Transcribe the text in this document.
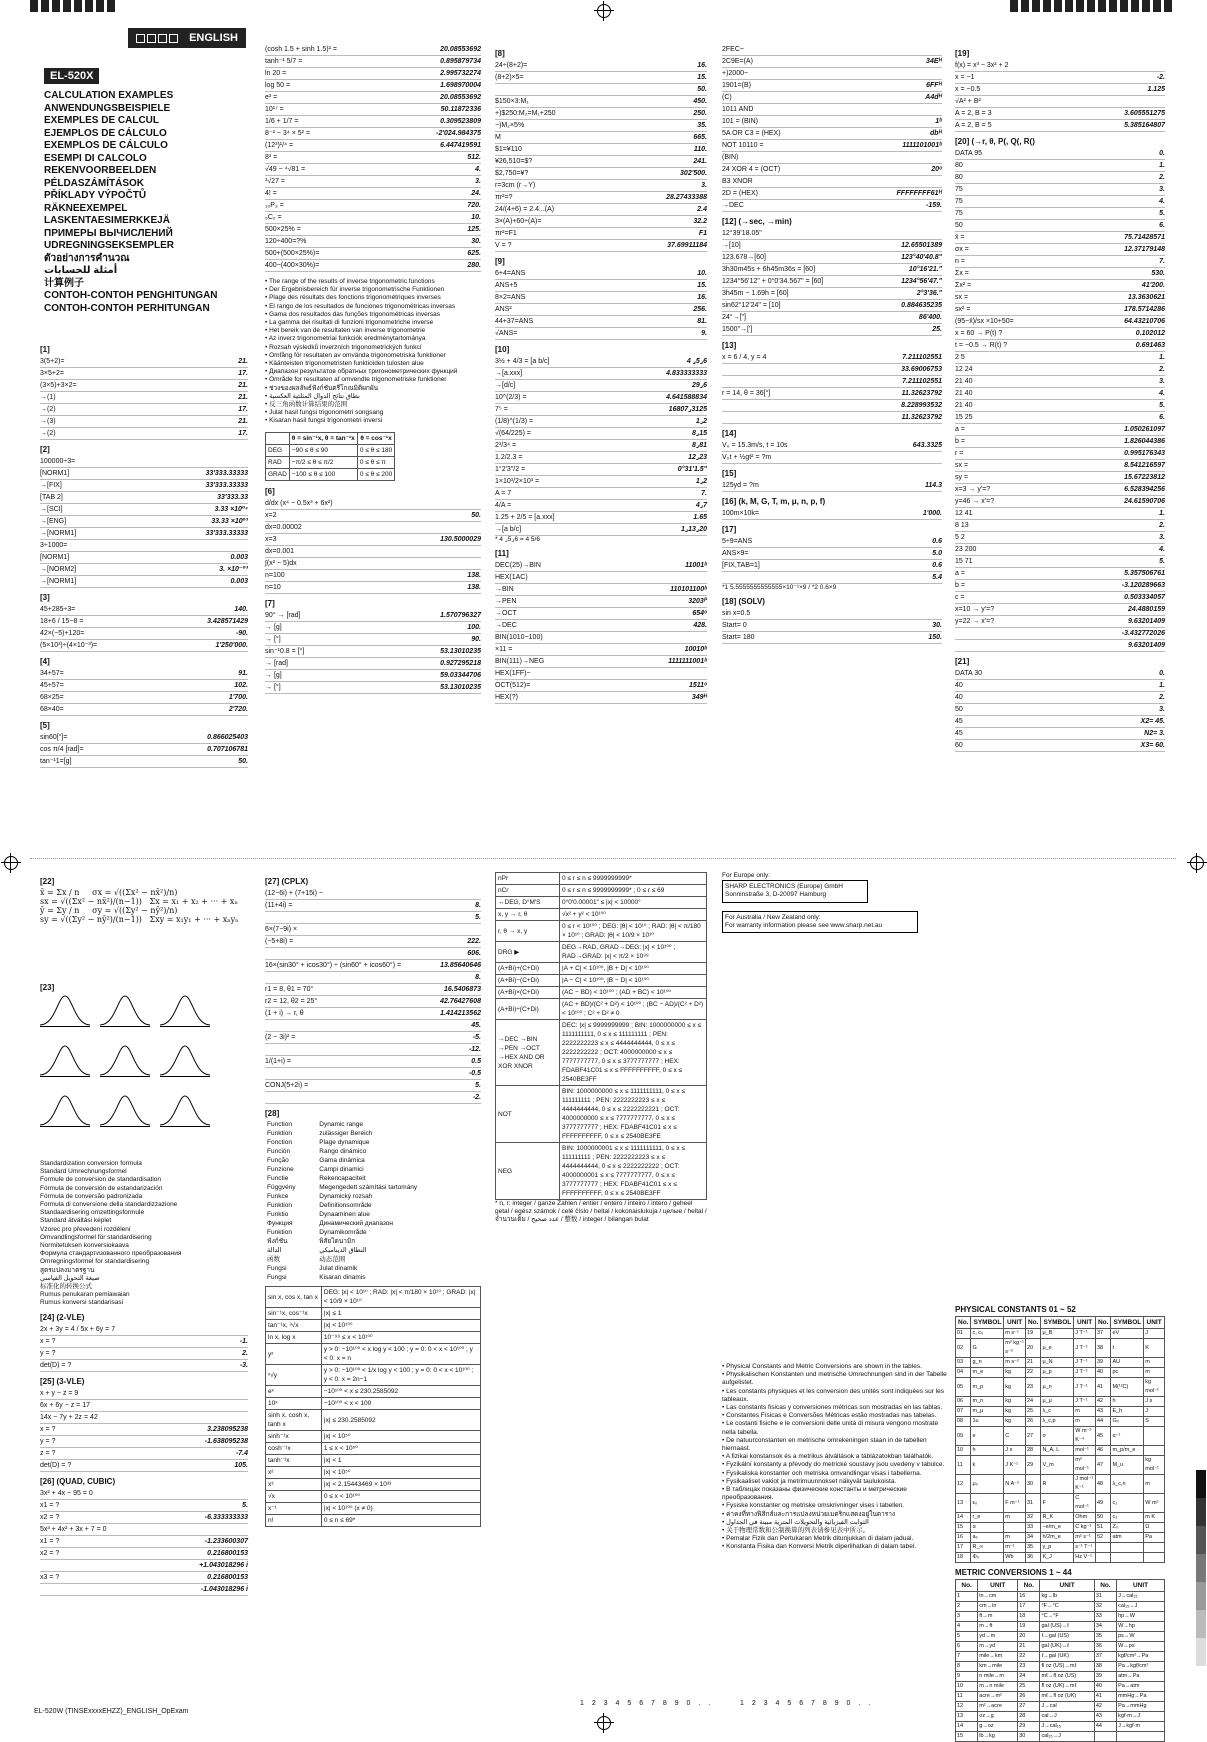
ENGLISH
EL-520X
CALCULATION EXAMPLES
ANWENDUNGSBEISPIELE
EXEMPLES DE CALCUL
EJEMPLOS DE CÁLCULO
EXEMPLOS DE CÁLCULO
ESEMPI DI CALCOLO
REKENVOORBEELDEN
PÉLDASZÁMÍTÁSOK
PŘÍKLADY VÝPOČTŮ
RÄKNEEXEMPEL
LASKENTAESIMERKKEJÄ
ПРИМЕРЫ ВЫЧИСЛЕНИЙ
UDREGNINGSEKSEMPLER
ตัวอย่างการคำนวณ
أمثلة للحسابات
计算例子
CONTOH-CONTOH PENGHITUNGAN
CONTOH-CONTOH PERHITUNGAN
[1]
3(5+2)=	21.
3×5+2=	17.
(3×5)+3×2=	21.
→(1)	21.
→(2)	17.
→(3)	21.
→(2)	17.
[2]
100000÷3=
[NORM1]	33'333.33333
→[FIX]	33'333.33333
[TAB 2]	33'333.33
→[SCI]	3.33 ×10⁰⁴
→[ENG]	33.33 ×10⁰³
→[NORM1]	33'333.33333
3÷1000=
[NORM1]	0.003
→[NORM2]	3. ×10⁻⁰³
→[NORM1]	0.003
[3]
45+285÷3=	140.
18+6 / 15−8 =	3.428571429
42×(−5)+120=	-90.
(5×10³)÷(4×10⁻³)=	1'250'000.
[4]
34+57=	91.
45+57=	102.
68×25=	1'700.
68×40=	2'720.
[5]
sin60[°]=	0.866025403
cos π/4 [rad]=	0.707106781
tan⁻¹1=[g]	50.
(cosh 1.5 + sinh 1.5)² =	20.08553692
tanh⁻¹ 5/7 =	0.895879734
ln 20 =	2.995732274
log 50 =	1.698970004
e³ =	20.08553692
10¹⁷ =	50.11872336
1/6 + 1/7 =	0.309523809
8⁻² − 3⁴ × 5² =	-2'024.984375
(12³)¹/⁴ =	6.447419591
8³ =	512.
√49 − ⁴√81 =	4.
³√27 =	3.
4! =	24.
₁₀P₃ =	720.
₅C₂ =	10.
500×25% =	125.
120÷400=?%	30.
500+(500×25%)=	625.
400−(400×30%)=	280.
• The range of the results of inverse trigonometric functions
• Der Ergebnisbereich für inverse trigonometrische Funktionen
• Plage des résultats des fonctions trigonométriques inverses
• El rango de los resultados de funciones trigonométricas inversas
• Gama dos resultados das funções trigonométricas inversas
• La gamma dei risultati di funzioni trigonometriche inverse
• Het bereik van de resultaten van inverse trigonometrie
• Az inverz trigonometriai funkciók eredménytartománya
• Rozsah výsledků inverzních trigonometrických funkcí
• Omfång för resultaten av omvända trigonometriska funktioner
• Käänteisten trigonometristen funktioiden tulosten alue
• Диапазон результатов обратных тригонометрических функций
• Område for resultaten af omvendte trigonometriske funktioner
• ช่วงของผลลัพธ์ฟังก์ชันตรีโกณมิติผกผัน
• نطاق نتائج الدوال المثلثية العكسية
• 反三角函数计算结果的范围
• Julat hasil fungsi trigonometri songsang
• Kisaran hasil fungsi trigonometri inversi
	θ = sin⁻¹x, θ = tan⁻¹x	θ = cos⁻¹x
DEG	−90 ≤ θ ≤ 90	0 ≤ θ ≤ 180
RAD	−π/2 ≤ θ ≤ π/2	0 ≤ θ ≤ π
GRAD	−100 ≤ θ ≤ 100	0 ≤ θ ≤ 200
[6]
d/dx (x⁴ − 0.5x³ + 6x²)
x=2	50.
dx=0.00002
x=3	130.5000029
dx=0.001
∫(x² − 5)dx
n=100	138.
n=10	138.
[7]
90° → [rad]	1.570796327
→ [g]	100.
→ [°]	90.
sin⁻¹0.8 = [°]	53.13010235
→ [rad]	0.927295218
→ [g]	59.03344706
→ [°]	53.13010235
[8]
24÷(8+2)=	16.
(8+2)×5=	15.
50.
$150×3:M₁	450.
+)$250:M₂=M₁+250	250.
−)M₂×5%	35.
M	665.
$1=¥110	110.
¥26,510=$?	241.
$2,750=¥?	302'500.
r=3cm (r→Y)	3.
πr²=?	28.27433388
24/(4+6) = 2.4...(A)	2.4
3×(A)+60÷(A)=	32.2
πr²=F1	F1
V = ?	37.69911184
[9]
6+4=ANS	10.
ANS+5	15.
8×2=ANS	16.
ANS²	256.
44+37=ANS	81.
√ANS=	9.
[10]
3½ + 4/3 = [a b/c]	4 ⌟5⌟6
→[a.xxx]	4.833333333
→[d/c]	29⌟6
10^(2/3) =	4.641588834
7⁵ =	16807⌟3125
(1/8)^(1/3) =	1⌟2
√(64/225) =	8⌟15
2³/3⁴ =	8⌟81
1.2/2.3 =	12⌟23
1°2'3"/2 =	0°31'1.5"
1×10³/2×10³ =	1⌟2
A = 7	7.
4/A =	4⌟7
1.25 + 2/5 = [a.xxx]	1.65
→[a b/c]	1⌟13⌟20
* 4 ⌟5⌟6 = 4 5/6
[11]
DEC(25)→BIN	11001ᵇ
HEX(1AC)
→BIN	110101100ᵇ
→PEN	3203ᴾ
→OCT	654ᵒ
→DEC	428.
BIN(1010−100)
×11 =	10010ᵇ
BIN(111)→NEG	1111111001ᵇ
HEX(1FF)−
OCT(512)=	1511ᵒ
HEX(?)	349ᴴ
2FEC−
2C9E=(A)	34Eᴴ
+)2000−
1901=(B)	6FFᴴ
(C)	A4dᴴ
1011 AND
101 = (BIN)	1ᵇ
5A OR C3 = (HEX)	dbᴴ
NOT 10110 =	1111101001ᵇ
(BIN)
24 XOR 4 = (OCT)	20ᵒ
B3 XNOR
2D = (HEX)	FFFFFFFF61ᴴ
→DEC	-159.
[12] (→sec, →min)
12°39'18.05"
→[10]	12.65501389
123.678→[60]	123°40'40.8"
3h30m45s + 6h45m36s = [60]	10°16'21."
1234°56'12" + 0°0'34.567" = [60]	1234°56'47."
3h45m − 1.69h = [60]	2°3'36."
sin62°12'24" = [10]	0.884635235
24°→["]	86'400.
1500"→[']	25.
[13]
x = 6 / 4, y = 4	7.211102551
33.69006753
7.211102551
r = 14, θ = 36[°]	11.32623792
8.228993532
11.32623792
[14]
V₀ = 15.3m/s, t = 10s	643.3325
V₀t + ½gt² = ?m
[15]
125yd = ?m	114.3
[16] (k, M, G, T, m, μ, n, p, f)
100m×10k=	1'000.
[17]
5÷9=ANS	0.6
ANS×9=	5.0
[FIX,TAB=1]	0.6
5.4
*1 5.5555555555555×10⁻¹×9 / *2 0.6×9
[18] (SOLV)
sin x=0.5
Start= 0	30.
Start= 180	150.
[19]
f(x) = x³ − 3x² + 2
x = −1	-2.
x = −0.5	1.125
√A² + B²
A = 2, B = 3	3.605551275
A = 2, B = 5	5.385164807
[20] (→r, θ, P(, Q(, R()
DATA 95	0.
80	1.
80	2.
75	3.
75	4.
75	5.
50	6.
x̄ =	75.71428571
σx =	12.37179148
n =	7.
Σx =	530.
Σx² =	41'200.
sx =	13.3630621
sx² =	178.5714286
(95−x̄)/sx ×10+50=	64.43210706
x = 60 → P(t) ?	0.102012
t = −0.5 → R(t) ?	0.691463
2 5	1.
12 24	2.
21 40	3.
21 40	4.
21 40	5.
15 25	6.
a =	1.050261097
b =	1.826044386
r =	0.995176343
sx =	8.541216597
sy =	15.67223812
x=3 → y'=?	6.528394256
y=46 → x'=?	24.61590706
12 41	1.
8 13	2.
5 2	3.
23 200	4.
15 71	5.
a =	5.357506761
b =	-3.120289663
c =	0.503334057
x=10 → y'=?	24.4880159
y=22 → x'=?	9.63201409
-3.432772026
9.63201409
[21]
DATA 30	0.
40	1.
40	2.
50	3.
45	X2= 45.
45	N2= 3.
60	X3= 60.
[22]
x̄ = Σx / n     σx = √((Σx² − nx̄²)/n)
sx = √((Σx² − nx̄²)/(n−1))   Σx = x₁ + x₂ + ··· + xₙ
ȳ = Σy / n     σy = √((Σy² − nȳ²)/n)
sy = √((Σy² − nȳ²)/(n−1))   Σxy = x₁y₁ + ··· + xₙyₙ
[23]
Standardization conversion formula
Standard Umrechnungsformel
Formule de conversion de standardisation
Fórmula de conversión de estandarización
Fórmula de conversão padronizada
Formula di conversione della standardizzazione
Standaardisering omzettingsformule
Standard átváltási képlet
Vzorec pro převedení rozdělení
Omvandlingsformel för standardisering
Normitetuksen konversiokaava
Формула стандартизованного преобразования
Omregningsformel for standardisering
สูตรแปลงมาตรฐาน
صيغة التحويل القياسي
标准化的转换公式
Rumus penukaran pemiawaian
Rumus konversi standarisasi
[24] (2-VLE)
2x + 3y = 4 / 5x + 6y = 7
x = ?	-1.
y = ?	2.
det(D) = ?	-3.
[25] (3-VLE)
x + y − z = 9
6x + 6y − z = 17
14x − 7y + 2z = 42
x = ?	3.238095238
y = ?	-1.638095238
z = ?	-7.4
det(D) = ?	105.
[26] (QUAD, CUBIC)
3x² + 4x − 95 = 0
x1 = ?	5.
x2 = ?	-6.333333333
5x³ + 4x² + 3x + 7 = 0
x1 = ?	-1.233600307
x2 = ?	0.216800153
+1.043018296 i
x3 = ?	0.216800153
-1.043018296 i
[27] (CPLX)
(12−6i) + (7+15i) −
(11+4i) =	8.
5.
6×(7−9i) ×
(−5+8i) =	222.
606.
16×(sin30° + icos30°) ÷ (sin60° + icos60°) =	13.85640646
8.
r1 = 8, θ1 = 70°	16.5406873
r2 = 12, θ2 = 25°	42.76427608
(1 + i) → r, θ	1.414213562
45.
(2 − 3i)² =	-5.
-12.
1/(1+i) =	0.5
-0.5
CONJ(5+2i) =	5.
-2.
[28]
Function	Dynamic range
Funktion	zulässiger Bereich
Fonction	Plage dynamique
Función	Rango dinámico
Função	Gama dinâmica
Funzione	Campi dinamici
Functie	Rekencapaciteit
Függvény	Megengedett számítási tartomány
Funkce	Dynamický rozsah
Funktion	Definitionsområde
Funktio	Dynaaminen alue
Функция	Динамический диапазон
Funktion	Dynamikområde
ฟังก์ชัน	พิสัยไดนามิก
الدالة	النطاق الديناميكي
函数	动态范围
Fungsi	Julat dinamik
Fungsi	Kisaran dinamis
sin x, cos x, tan x	DEG: |x| < 10¹⁰ ; RAD: |x| < π/180 × 10¹⁰ ; GRAD: |x| < 10/9 × 10¹⁰
sin⁻¹x, cos⁻¹x	|x| ≤ 1
tan⁻¹x, ³√x	|x| < 10¹⁰⁰
ln x, log x	10⁻⁹⁹ ≤ x < 10¹⁰⁰
yˣ	y > 0: −10¹⁰⁰ < x log y < 100 ; y = 0: 0 < x < 10¹⁰⁰ ; y < 0: x = n
ˣ√y	y > 0: −10¹⁰⁰ < 1/x log y < 100 ; y = 0: 0 < x < 10¹⁰⁰ ; y < 0: x = 2n−1
eˣ	−10¹⁰⁰ < x ≤ 230.2585092
10ˣ	−10¹⁰⁰ < x < 100
sinh x, cosh x, tanh x	|x| ≤ 230.2585092
sinh⁻¹x	|x| < 10⁵⁰
cosh⁻¹x	1 ≤ x < 10⁵⁰
tanh⁻¹x	|x| < 1
x²	|x| < 10⁵⁰
x³	|x| < 2.15443469 × 10³³
√x	0 ≤ x < 10¹⁰⁰
x⁻¹	|x| < 10¹⁰⁰ (x ≠ 0)
n!	0 ≤ n ≤ 69*
nPr	0 ≤ r ≤ n ≤ 9999999999*
nCr	0 ≤ r ≤ n ≤ 9999999999* ; 0 ≤ r ≤ 69
↔DEG, D°M'S	0°0'0.00001" ≤ |x| < 10000°
x, y → r, θ	√x² + y² < 10¹⁰⁰
r, θ → x, y	0 ≤ r < 10¹⁰⁰ ; DEG: |θ| < 10¹⁰ ; RAD: |θ| < π/180 × 10¹⁰ ; GRAD: |θ| < 10/9 × 10¹⁰
DRG ▶	DEG→RAD, GRAD→DEG: |x| < 10¹⁰⁰ ; RAD→GRAD: |x| < π/2 × 10⁹⁸
(A+Bi)+(C+Di)	|A + C| < 10¹⁰⁰, |B + D| < 10¹⁰⁰
(A+Bi)−(C+Di)	|A − C| < 10¹⁰⁰, |B − D| < 10¹⁰⁰
(A+Bi)×(C+Di)	(AC − BD) < 10¹⁰⁰ ; (AD + BC) < 10¹⁰⁰
(A+Bi)÷(C+Di)	(AC + BD)/(C² + D²) < 10¹⁰⁰ ; (BC − AD)/(C² + D²) < 10¹⁰⁰ ; C² + D² ≠ 0
→DEC →BIN →PEN →OCT →HEX AND OR XOR XNOR	DEC: |x| ≤ 9999999999 ; BIN: 1000000000 ≤ x ≤ 1111111111, 0 ≤ x ≤ 111111111 ; PEN: 2222222223 ≤ x ≤ 4444444444, 0 ≤ x ≤ 2222222222 ; OCT: 4000000000 ≤ x ≤ 7777777777, 0 ≤ x ≤ 3777777777 ; HEX: FDABF41C01 ≤ x ≤ FFFFFFFFFF, 0 ≤ x ≤ 2540BE3FF
NOT	BIN: 1000000000 ≤ x ≤ 1111111111, 0 ≤ x ≤ 111111111 ; PEN: 2222222223 ≤ x ≤ 4444444444, 0 ≤ x ≤ 2222222221 ; OCT: 4000000000 ≤ x ≤ 7777777777, 0 ≤ x ≤ 3777777777 ; HEX: FDABF41C01 ≤ x ≤ FFFFFFFFFF, 0 ≤ x ≤ 2540BE3FE
NEG	BIN: 1000000001 ≤ x ≤ 1111111111, 0 ≤ x ≤ 111111111 ; PEN: 2222222223 ≤ x ≤ 4444444444, 0 ≤ x ≤ 2222222222 ; OCT: 4000000001 ≤ x ≤ 7777777777, 0 ≤ x ≤ 3777777777 ; HEX: FDABF41C01 ≤ x ≤ FFFFFFFFFF, 0 ≤ x ≤ 2540BE3FF
* n, r: integer / ganze Zahlen / entier / entero / inteiro / intero / geheel getal / egész számok / celé číslo / heltal / kokonaislukuja / целые / heltal / จำนวนเต็ม / عدد صحيح / 整数 / integer / bilangan bulat
For Europe only:
SHARP ELECTRONICS (Europe) GmbH
Sonninstraße 3, D-20097 Hamburg
For Australia / New Zealand only:
For warranty information please see www.sharp.net.au
• Physical Constants and Metric Conversions are shown in the tables.
• Physikalischen Konstanten und metrische Umrechnungen sind in der Tabelle aufgelistet.
• Les constants physiques et les conversion des unités sont indiquées sur les tableaux.
• Las constants fisicas y conversiones métricas son mostradas en las tablas.
• Constantes Físicas e Conversões Métricas estão mostradas nas tabelas.
• Le costanti fisiche e le conversioni delle unità di misura vengono mostrate nella tabella.
• De natuurconstanten en metrische omrekeningen staan in de tabellen hiernaast.
• A fizikai konstansok és a metrikus átváltások a táblázatokban találhatók.
• Fyzikální konstanty a převody do metrické soustavy jsou uvedeny v tabulce.
• Fysikaliska konstanter och metriska omvandlingar visas i tabellerna.
• Fysikaaliset vakiot ja metrimuunnokset näkyvät taulukoista.
• В таблицах показаны физические константы и метрические преобразования.
• Fysiske konstanter og metriske omskrivninger vises i tabellen.
• ค่าคงที่ทางฟิสิกส์และการแปลงหน่วยเมตริกแสดงอยู่ในตาราง
• الثوابت الفيزيائية والتحويلات المترية مبينة في الجداول
• 关于物理常数和公制换算的列表请参见表中所示。
• Pemalar Fizik dan Pertukaran Metrik ditunjukkan di dalam jadual.
• Konstanta Fisika dan Konversi Metrik diperlihatkan di dalam tabel.
PHYSICAL CONSTANTS 01 ~ 52
No.	SYMBOL	UNIT	No.	SYMBOL	UNIT	No.	SYMBOL	UNIT
01	c, c₀	m s⁻¹	19	μ_B	J T⁻¹	37	eV	J
02	G	m³ kg⁻¹ s⁻²	20	μ_e	J T⁻¹	38	t	K
03	g_n	m s⁻²	21	μ_N	J T⁻¹	39	AU	m
04	m_e	kg	22	μ_p	J T⁻¹	40	pc	m
05	m_p	kg	23	μ_n	J T⁻¹	41	M(¹²C)	kg mol⁻¹
06	m_n	kg	24	μ_μ	J T⁻¹	42	h	J s
07	m_μ	kg	25	λ_c	m	43	E_h	J
08	1u	kg	26	λ_c,p	m	44	G₀	S
09	e	C	27	σ	W m⁻² K⁻⁴	45	α⁻¹	
10	h	J s	28	N_A, L	mol⁻¹	46	m_p/m_e	
11	k	J K⁻¹	29	V_m	m³ mol⁻¹	47	M_u	kg mol⁻¹
12	μ₀	N A⁻²	30	R	J mol⁻¹ K⁻¹	48	λ_c,n	m
13	ε₀	F m⁻¹	31	F	C mol⁻¹	49	c₁	W m²
14	r_e	m	32	R_K	Ohm	50	c₂	m K
15	α		33	−e/m_e	C kg⁻¹	51	Z₀	Ω
16	a₀	m	34	h/2m_e	m² s⁻¹	52	atm	Pa
17	R_∞	m⁻¹	35	γ_p	s⁻¹ T⁻¹			
18	Φ₀	Wb	36	K_J	Hz V⁻¹			
METRIC CONVERSIONS 1 ~ 44
No.	UNIT	No.	UNIT	No.	UNIT
1	in→cm	16	kg→lb	31	J→cal₁₅
2	cm→in	17	°F→°C	32	cal₁₅→J
3	ft→m	18	°C→°F	33	hp→W
4	m→ft	19	gal (US)→ℓ	34	W→hp
5	yd→m	20	ℓ→gal (US)	35	ps→W
6	m→yd	21	gal (UK)→ℓ	36	W→ps
7	mile→km	22	ℓ→gal (UK)	37	kgf/cm²→Pa
8	km→mile	23	fl oz (US)→mℓ	38	Pa→kgf/cm²
9	n mile→m	24	mℓ→fl oz (US)	39	atm→Pa
10	m→n mile	25	fl oz (UK)→mℓ	40	Pa→atm
11	acre→m²	26	mℓ→fl oz (UK)	41	mmHg→Pa
12	m²→acre	27	J→cal	42	Pa→mmHg
13	oz→g	28	cal→J	43	kgf·m→J
14	g→oz	29	J→cal₁₅	44	J→kgf·m
15	lb→kg	30	cal₁₅→J		
EL-520W (TINSExxxxEHZZ)_ENGLISH_OpExam
1 2 3 4 5 6 7 8 9 0 . .	1 2 3 4 5 6 7 8 9 0 . .
